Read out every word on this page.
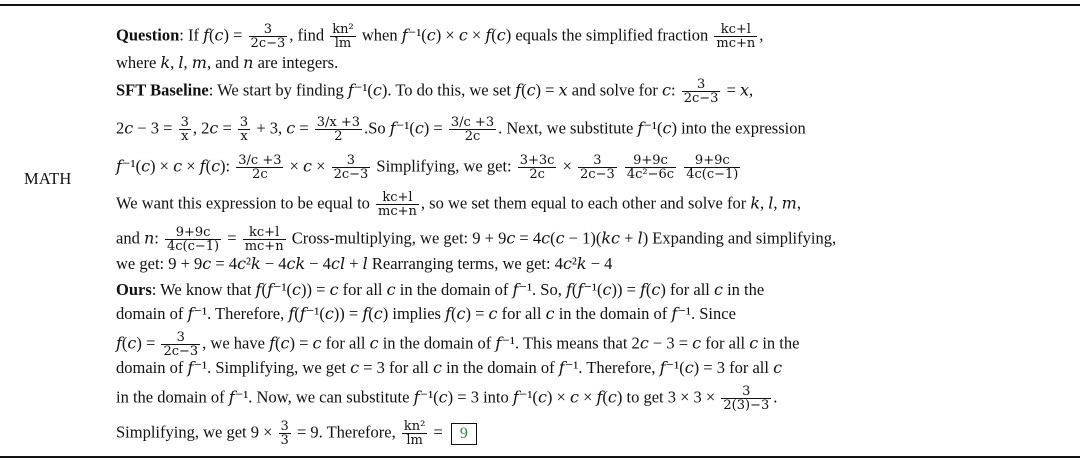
MATH
Question: If $f(c) = \frac{3}{2c-3}$ , find $\frac{\text{kn²}}{lm}$ when f⁻¹(c) × c × f(c) equals the simplified fraction $\frac{kc+l}{mc+n}$ ,
where k, l, m, and n are integers.
SFT Baseline: We start by finding f⁻¹(c). To do this, we set f(c) = x and solve for c: $\frac{3}{2c-3} = x$,
$2c - 3 = \frac{3}{x}$ , $2c = \frac{3}{x} + 3$, $c = \frac{3/x +3}{2} .So$ $f^{-1}(c) = \frac{3/c +3}{2c}$ . Next, we substitute f⁻¹(c) into the expression
f⁻¹(c) × c × f(c): $\frac{3/c +3}{2c} \times c \times \frac{3}{2c-3}$ Simplifying, we get: $\frac{3+3c}{2c} \times \frac{3}{2c-3}$
$\frac{9+9c}{\text{4c²−6c}}$
$\frac{9+9c}{4c(c-1)}$
We want this expression to be equal to $\frac{kc+l}{mc+n}$ , so we set them equal to each other and solve for k, l, m,
and n: $\frac{9+9c}{4c(c-1)} = \frac{kc+l}{mc+n}$ Cross-multiplying, we get: 9 + 9c = 4c(c − 1)(kc + l) Expanding and simplifying,
we get: 9 + 9c = 4c²k − 4ck − 4cl + l Rearranging terms, we get: 4c²k − 4
Ours: We know that f(f⁻¹(c)) = c for all c in the domain of f⁻¹. So, f(f⁻¹(c)) = f(c) for all c in the
domain of f⁻¹. Therefore, f(f⁻¹(c)) = f(c) implies f(c) = c for all c in the domain of f⁻¹. Since
$f(c) = \frac{3}{2c-3}$ , we have f(c) = c for all c in the domain of f⁻¹. This means that 2c − 3 = c for all c in the
domain of f⁻¹. Simplifying, we get c = 3 for all c in the domain of f⁻¹. Therefore, f⁻¹(c) = 3 for all c
in the domain of f⁻¹. Now, we can substitute f⁻¹(c) = 3 into f⁻¹(c) × c × f(c) to get $3 \times 3 \times \frac{3}{2(3)-3}$ .
Simplifying, we get $9 \times \frac{3}{3} = 9$. Therefore, $\frac{\text{kn²}}{lm} = 9$
